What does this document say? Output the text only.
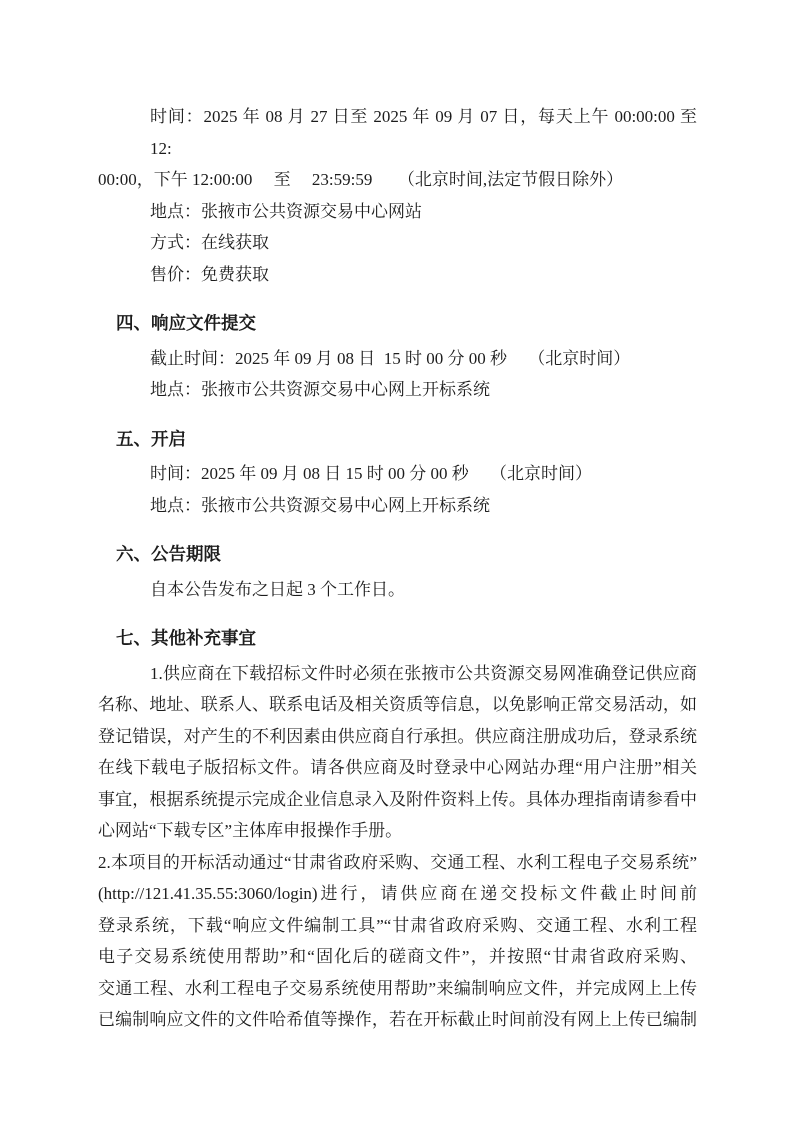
时间：2025 年 08 月 27 日至 2025 年 09 月 07 日，每天上午 00:00:00 至 12:
00:00，下午 12:00:00　 至　 23:59:59　　（北京时间,法定节假日除外）
地点：张掖市公共资源交易中心网站
方式：在线获取
售价：免费获取
四、响应文件提交
截止时间：2025 年 09 月 08 日  15 时 00 分 00 秒　 （北京时间）
地点：张掖市公共资源交易中心网上开标系统
五、开启
时间：2025 年 09 月 08 日 15 时 00 分 00 秒　 （北京时间）
地点：张掖市公共资源交易中心网上开标系统
六、公告期限
自本公告发布之日起 3 个工作日。
七、其他补充事宜
1.供应商在下载招标文件时必须在张掖市公共资源交易网准确登记供应商
名称、地址、联系人、联系电话及相关资质等信息，以免影响正常交易活动，如
登记错误，对产生的不利因素由供应商自行承担。供应商注册成功后，登录系统
在线下载电子版招标文件。请各供应商及时登录中心网站办理“用户注册”相关
事宜，根据系统提示完成企业信息录入及附件资料上传。具体办理指南请参看中
心网站“下载专区”主体库申报操作手册。
2.本项目的开标活动通过“甘肃省政府采购、交通工程、水利工程电子交易系统”
(http://121.41.35.55:3060/login)进行，请供应商在递交投标文件截止时间前
登录系统，下载“响应文件编制工具”“甘肃省政府采购、交通工程、水利工程
电子交易系统使用帮助”和“固化后的磋商文件”，并按照“甘肃省政府采购、
交通工程、水利工程电子交易系统使用帮助”来编制响应文件，并完成网上上传
已编制响应文件的文件哈希值等操作，若在开标截止时间前没有网上上传已编制
